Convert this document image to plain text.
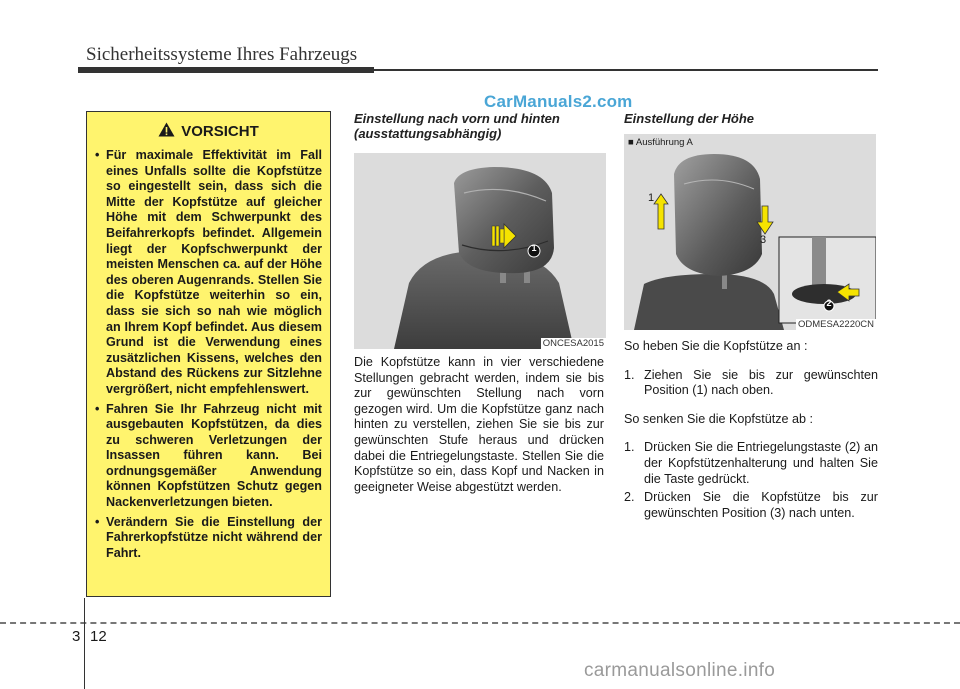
Sicherheitssysteme Ihres Fahrzeugs
CarManuals2.com
VORSICHT
• Für maximale Effektivität im Fall eines Unfalls sollte die Kopfstütze so eingestellt sein, dass sich die Mitte der Kopfstütze auf gleicher Höhe mit dem Schwerpunkt des Beifahrerkopfs befindet. Allgemein liegt der Kopfschwerpunkt der meisten Menschen ca. auf der Höhe des oberen Augenrands. Stellen Sie die Kopfstütze weiterhin so ein, dass sie sich so nah wie möglich an Ihrem Kopf befindet. Aus diesem Grund ist die Verwendung eines zusätzlichen Kissens, welches den Abstand des Rückens zur Sitzlehne vergrößert, nicht empfehlenswert.
• Fahren Sie Ihr Fahrzeug nicht mit ausgebauten Kopfstützen, da dies zu schweren Verletzungen der Insassen führen kann. Bei ordnungsgemäßer Anwendung können Kopfstützen Schutz gegen Nackenverletzungen bieten.
• Verändern Sie die Einstellung der Fahrerkopfstütze nicht während der Fahrt.
Einstellung nach vorn und hinten
(ausstattungsabhängig)
1
ONCESA2015
Die Kopfstütze kann in vier verschiedene Stellungen gebracht werden, indem sie bis zur gewünschten Stellung nach vorn gezogen wird. Um die Kopfstütze ganz nach hinten zu verstellen, ziehen Sie sie bis zur gewünschten Stufe heraus und drücken dabei die Entriegelungstaste. Stellen Sie die Kopfstütze so ein, dass Kopf und Nacken in geeigneter Weise abgestützt werden.
Einstellung der Höhe
■ Ausführung A
1
2
3
ODMESA2220CN

So heben Sie die Kopfstütze an :

1. Ziehen Sie sie bis zur gewünschten Position (1) nach oben.

So senken Sie die Kopfstütze ab :

1. Drücken Sie die Entriegelungstaste (2) an der Kopfstützenhalterung und halten Sie die Taste gedrückt.
2. Drücken Sie die Kopfstütze bis zur gewünschten Position (3) nach unten.
3 12
carmanualsonline.info
